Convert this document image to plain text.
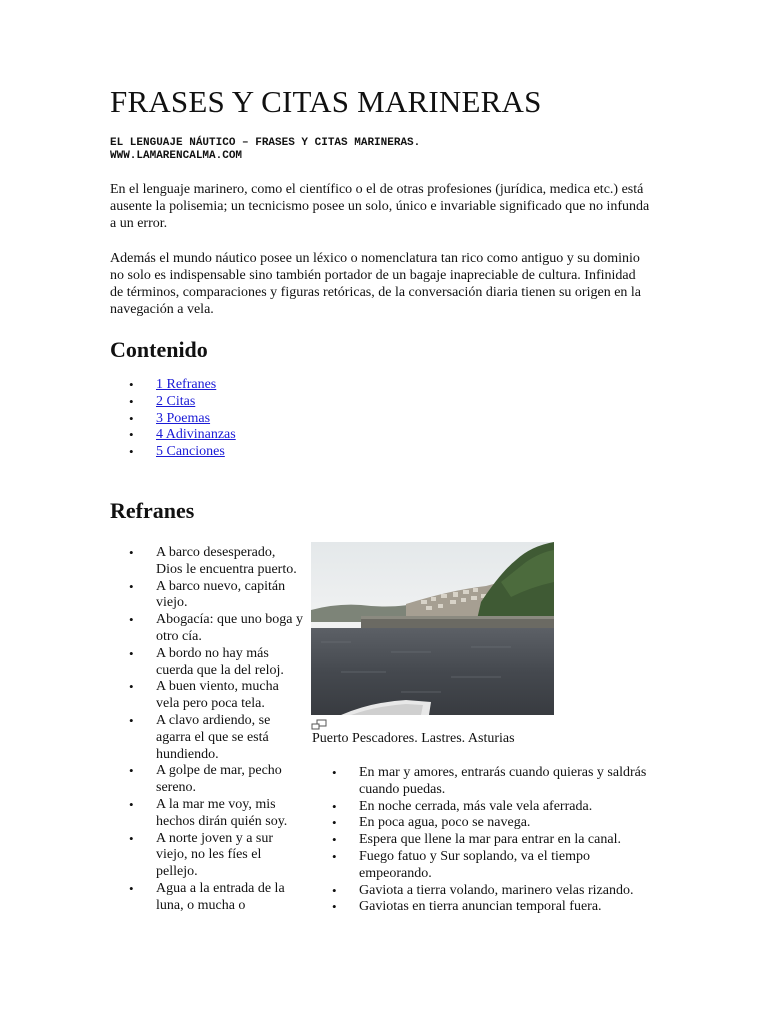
FRASES Y CITAS MARINERAS
EL LENGUAJE NÁUTICO – FRASES Y CITAS MARINERAS.
WWW.LAMARENCALMA.COM

En el lenguaje marinero, como el científico o el de otras profesiones (jurídica, medica etc.) está ausente la polisemia; un tecnicismo posee un solo, único e invariable significado que no infunda a un error.

Además el mundo náutico posee un léxico o nomenclatura tan rico como antiguo y su dominio no solo es indispensable sino también portador de un bagaje inapreciable de cultura. Infinidad de términos, comparaciones y figuras retóricas, de la conversación diaria tienen su origen en la navegación a vela.

Contenido
• 1 Refranes
• 2 Citas
• 3 Poemas
• 4 Adivinanzas
• 5 Canciones
Refranes
• A barco desesperado, Dios le encuentra puerto.
• A barco nuevo, capitán viejo.
• Abogacía: que uno boga y otro cía.
• A bordo no hay más cuerda que la del reloj.
• A buen viento, mucha vela pero poca tela.
• A clavo ardiendo, se agarra el que se está hundiendo.
• A golpe de mar, pecho sereno.
• A la mar me voy, mis hechos dirán quién soy.
• A norte joven y a sur viejo, no les fíes el pellejo.
• Agua a la entrada de la luna, o mucha o

Puerto Pescadores. Lastres. Asturias

• En mar y amores, entrarás cuando quieras y saldrás cuando puedas.
• En noche cerrada, más vale vela aferrada.
• En poca agua, poco se navega.
• Espera que llene la mar para entrar en la canal.
• Fuego fatuo y Sur soplando, va el tiempo empeorando.
• Gaviota a tierra volando, marinero velas rizando.
• Gaviotas en tierra anuncian temporal fuera.
